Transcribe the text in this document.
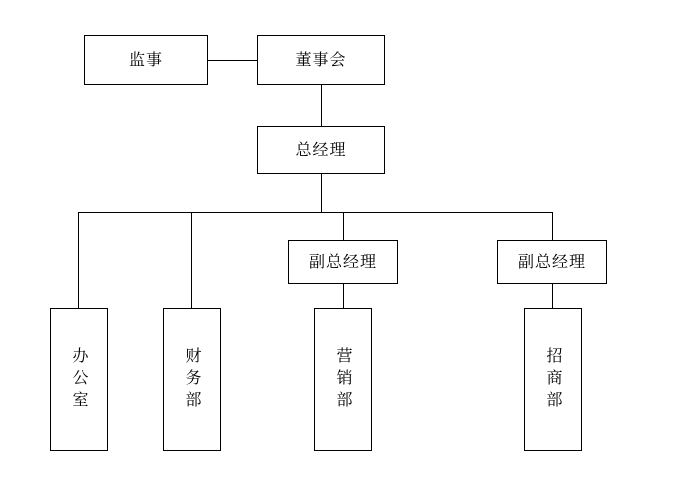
监事	董事会
总经理
副总经理	副总经理
办公室	财务部	营销部	招商部
